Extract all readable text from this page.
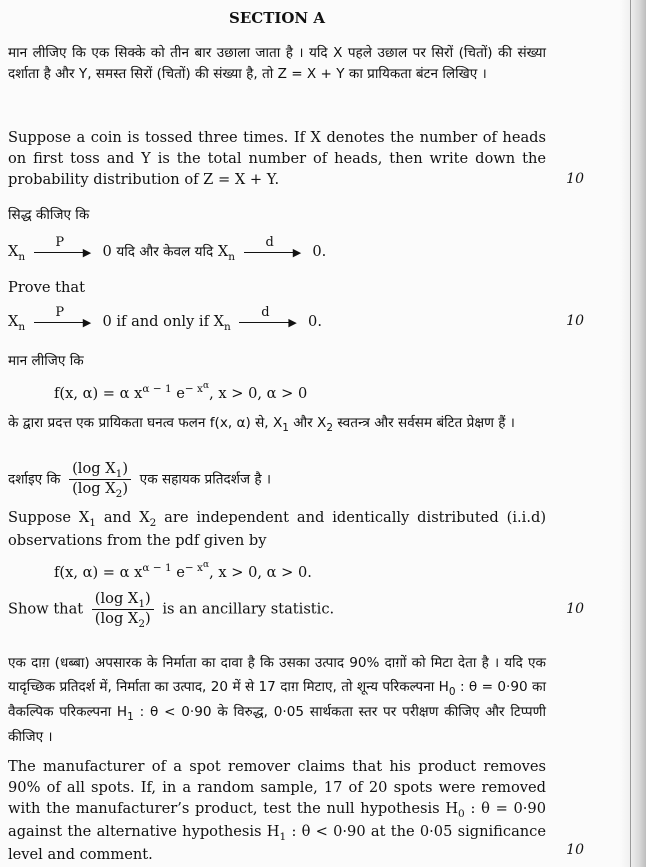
SECTION A
मान लीजिए कि एक सिक्के को तीन बार उछाला जाता है । यदि X पहले उछाल पर सिरों (चितों) की संख्या दर्शाता है और Y, समस्त सिरों (चितों) की संख्या है, तो Z = X + Y का प्रायिकता बंटन लिखिए ।
Suppose a coin is tossed three times. If X denotes the number of heads on first toss and Y is the total number of heads, then write down the probability distribution of Z = X + Y.	10
सिद्ध कीजिए कि
$X_n$
P
▶ 0 यदि और केवल यदि $X_n$
d
▶ 0.
Prove that
$X_n$
P
▶ 0 if and only if $X_n$
d
▶ 0.	10
मान लीजिए कि
f(x, α) = α $x^{\alpha - 1}$ $e^{- x\alpha}$, x > 0, α > 0
के द्वारा प्रदत्त एक प्रायिकता घनत्व फलन f(x, α) से, $X_1$ और $X_2$ स्वतन्त्र और सर्वसम बंटित प्रेक्षण हैं ।
दर्शाइए कि $\frac{(\log X_1)}{(\log X_2)}$ एक सहायक प्रतिदर्शज है ।
Suppose $X_1$ and $X_2$ are independent and identically distributed (i.i.d) observations from the pdf given by
f(x, α) = α $x^{\alpha - 1}$ $e^{- x\alpha}$, x > 0, α > 0.
Show that $\frac{(\log X_1)}{(\log X_2)}$ is an ancillary statistic.	10
एक दाग़ (धब्बा) अपसारक के निर्माता का दावा है कि उसका उत्पाद 90% दाग़ों को मिटा देता है । यदि एक यादृच्छिक प्रतिदर्श में, निर्माता का उत्पाद, 20 में से 17 दाग़ मिटाए, तो शून्य परिकल्पना $H_0$ : θ = 0·90 का वैकल्पिक परिकल्पना $H_1$ : θ < 0·90 के विरुद्ध, 0·05 सार्थकता स्तर पर परीक्षण कीजिए और टिप्पणी कीजिए ।
The manufacturer of a spot remover claims that his product removes 90% of all spots. If, in a random sample, 17 of 20 spots were removed with the manufacturer’s product, test the null hypothesis $H_0$ : θ = 0·90 against the alternative hypothesis $H_1$ : θ < 0·90 at the 0·05 significance level and comment.	10
